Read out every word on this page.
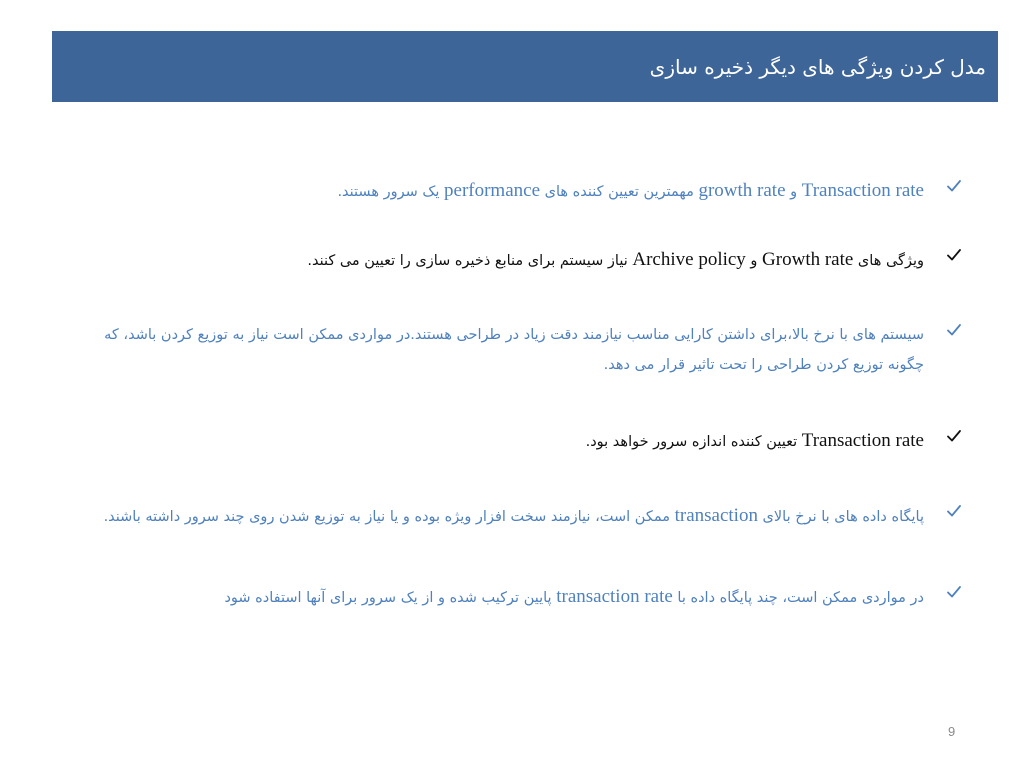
مدل کردن ویژگی های دیگر ذخیره سازی
Transaction rate و growth rate مهمترین تعیین کننده های performance یک سرور هستند.
ویژگی های Growth rate و Archive policy نیاز سیستم برای منابع ذخیره سازی را تعیین می کنند.
سیستم های با نرخ بالا،برای داشتن کارایی مناسب نیازمند دقت زیاد در طراحی هستند.در مواردی ممکن است نیاز به توزیع کردن باشد، که چگونه توزیع کردن طراحی را تحت تاثیر قرار می دهد.
Transaction rate تعیین کننده اندازه سرور خواهد بود.
پایگاه داده های با نرخ بالای transaction ممکن است، نیازمند سخت افزار ویژه بوده و یا نیاز به توزیع شدن روی چند سرور داشته باشند.
در مواردی ممکن است، چند پایگاه داده با transaction rate پایین ترکیب شده و از یک سرور برای آنها استفاده شود
9
